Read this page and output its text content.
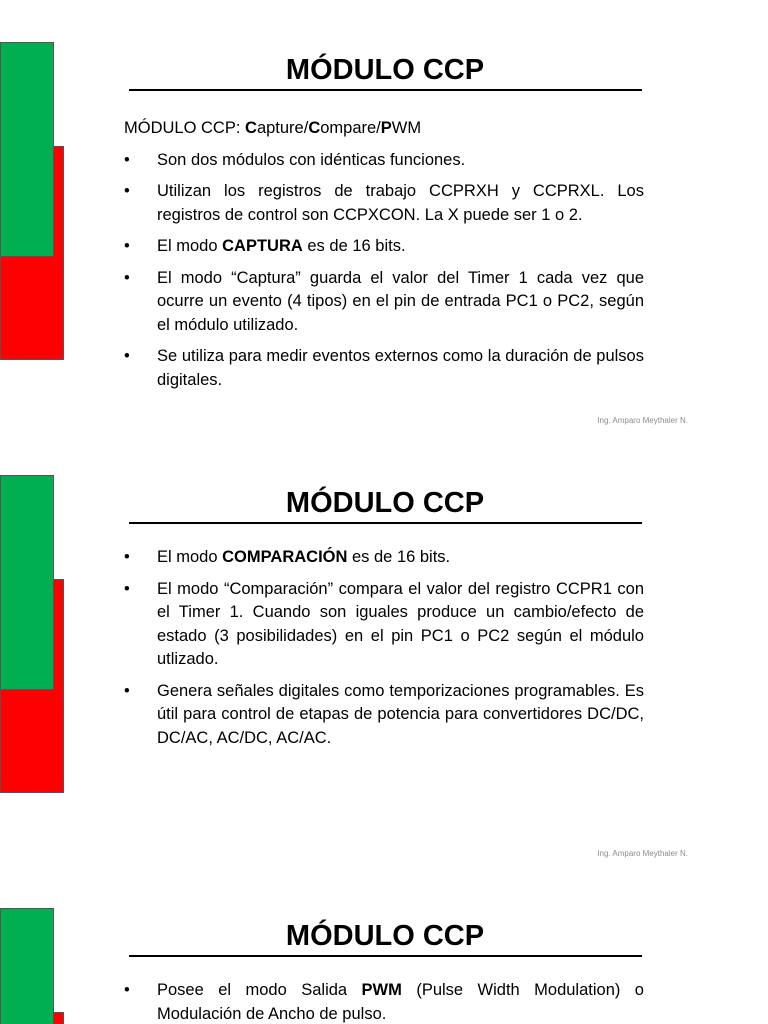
MÓDULO CCP

MÓDULO CCP: Capture/Compare/PWM

• Son dos módulos con idénticas funciones.
• Utilizan los registros de trabajo CCPRXH y CCPRXL. Los registros de control son CCPXCON. La X puede ser 1 o 2.
• El modo CAPTURA es de 16 bits.
• El modo “Captura” guarda el valor del Timer 1 cada vez que ocurre un evento (4 tipos) en el pin de entrada PC1 o PC2, según el módulo utilizado.
• Se utiliza para medir eventos externos como la duración de pulsos digitales.
Ing. Amparo Meythaler N.
MÓDULO CCP
• El modo COMPARACIÓN es de 16 bits.
• El modo “Comparación” compara el valor del registro CCPR1 con el Timer 1. Cuando son iguales produce un cambio/efecto de estado (3 posibilidades) en el pin PC1 o PC2 según el módulo utlizado.
• Genera señales digitales como temporizaciones programables. Es útil para control de etapas de potencia para convertidores DC/DC, DC/AC, AC/DC, AC/AC.
Ing. Amparo Meythaler N.
MÓDULO CCP
• Posee el modo Salida PWM (Pulse Width Modulation) o Modulación de Ancho de pulso.
